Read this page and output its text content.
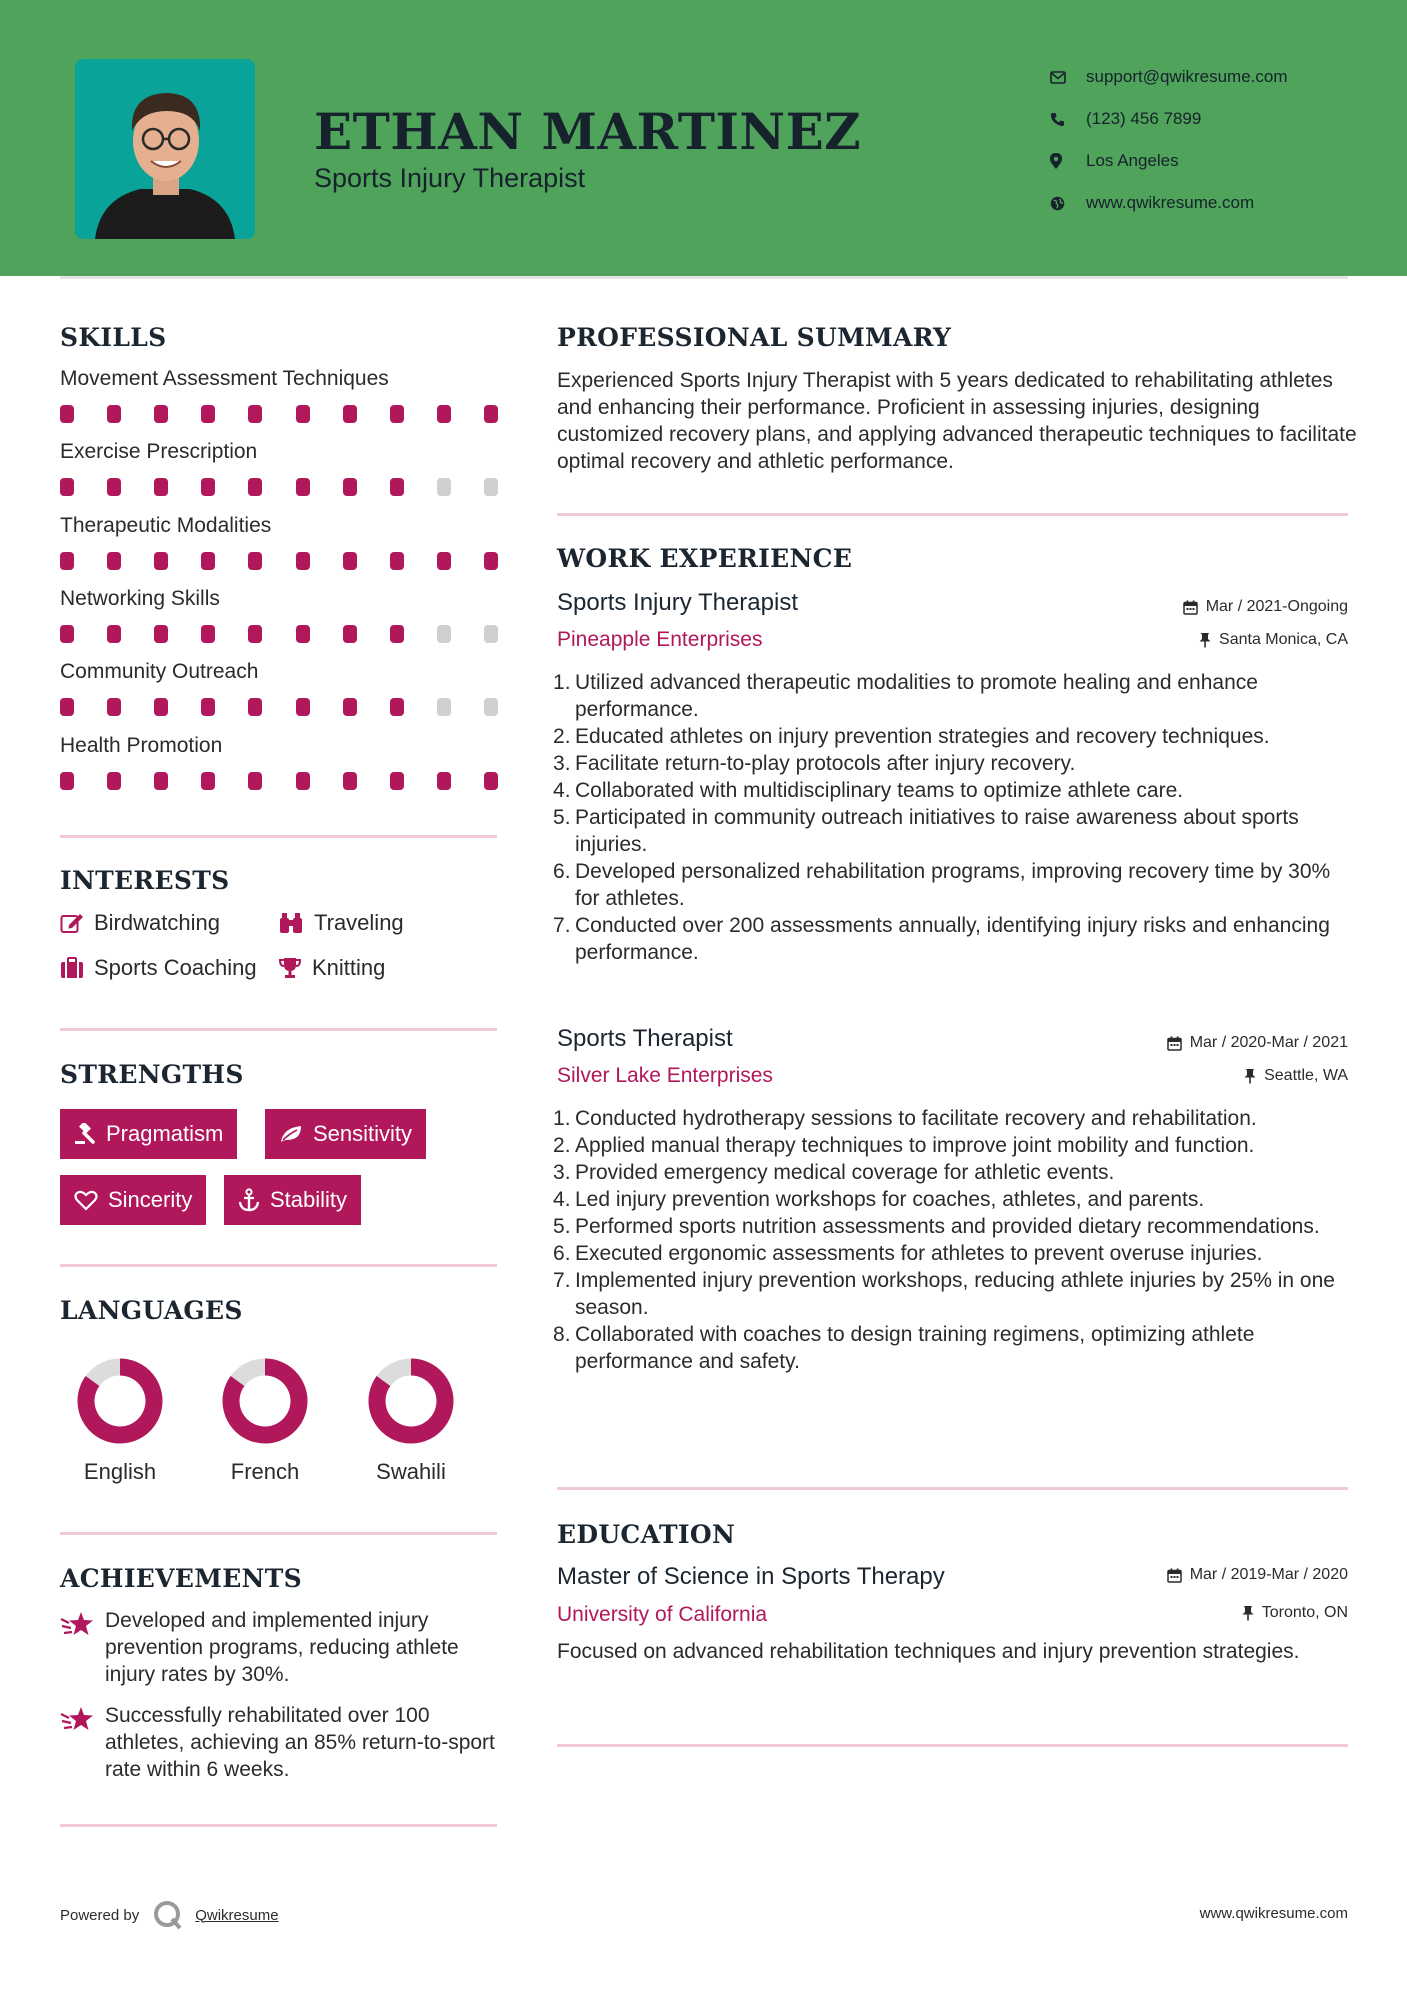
ETHAN MARTINEZ
Sports Injury Therapist
support@qwikresume.com
(123) 456 7899
Los Angeles
www.qwikresume.com
SKILLS
Movement Assessment Techniques
Exercise Prescription
Therapeutic Modalities
Networking Skills
Community Outreach
Health Promotion
INTERESTS
Birdwatching	Traveling
Sports Coaching	Knitting
STRENGTHS
Pragmatism	Sensitivity
Sincerity	Stability
LANGUAGES
English	French	Swahili
ACHIEVEMENTS
Developed and implemented injury prevention programs, reducing athlete injury rates by 30%.
Successfully rehabilitated over 100 athletes, achieving an 85% return-to-sport rate within 6 weeks.
PROFESSIONAL SUMMARY
Experienced Sports Injury Therapist with 5 years dedicated to rehabilitating athletes and enhancing their performance. Proficient in assessing injuries, designing customized recovery plans, and applying advanced therapeutic techniques to facilitate optimal recovery and athletic performance.
WORK EXPERIENCE
Sports Injury Therapist	Mar / 2021-Ongoing
Pineapple Enterprises	Santa Monica, CA
Utilized advanced therapeutic modalities to promote healing and enhance performance.
Educated athletes on injury prevention strategies and recovery techniques.
Facilitate return-to-play protocols after injury recovery.
Collaborated with multidisciplinary teams to optimize athlete care.
Participated in community outreach initiatives to raise awareness about sports injuries.
Developed personalized rehabilitation programs, improving recovery time by 30% for athletes.
Conducted over 200 assessments annually, identifying injury risks and enhancing performance.
Sports Therapist	Mar / 2020-Mar / 2021
Silver Lake Enterprises	Seattle, WA
Conducted hydrotherapy sessions to facilitate recovery and rehabilitation.
Applied manual therapy techniques to improve joint mobility and function.
Provided emergency medical coverage for athletic events.
Led injury prevention workshops for coaches, athletes, and parents.
Performed sports nutrition assessments and provided dietary recommendations.
Executed ergonomic assessments for athletes to prevent overuse injuries.
Implemented injury prevention workshops, reducing athlete injuries by 25% in one season.
Collaborated with coaches to design training regimens, optimizing athlete performance and safety.
EDUCATION
Master of Science in Sports Therapy	Mar / 2019-Mar / 2020
University of California	Toronto, ON
Focused on advanced rehabilitation techniques and injury prevention strategies.
Powered by	Qwikresume	www.qwikresume.com
